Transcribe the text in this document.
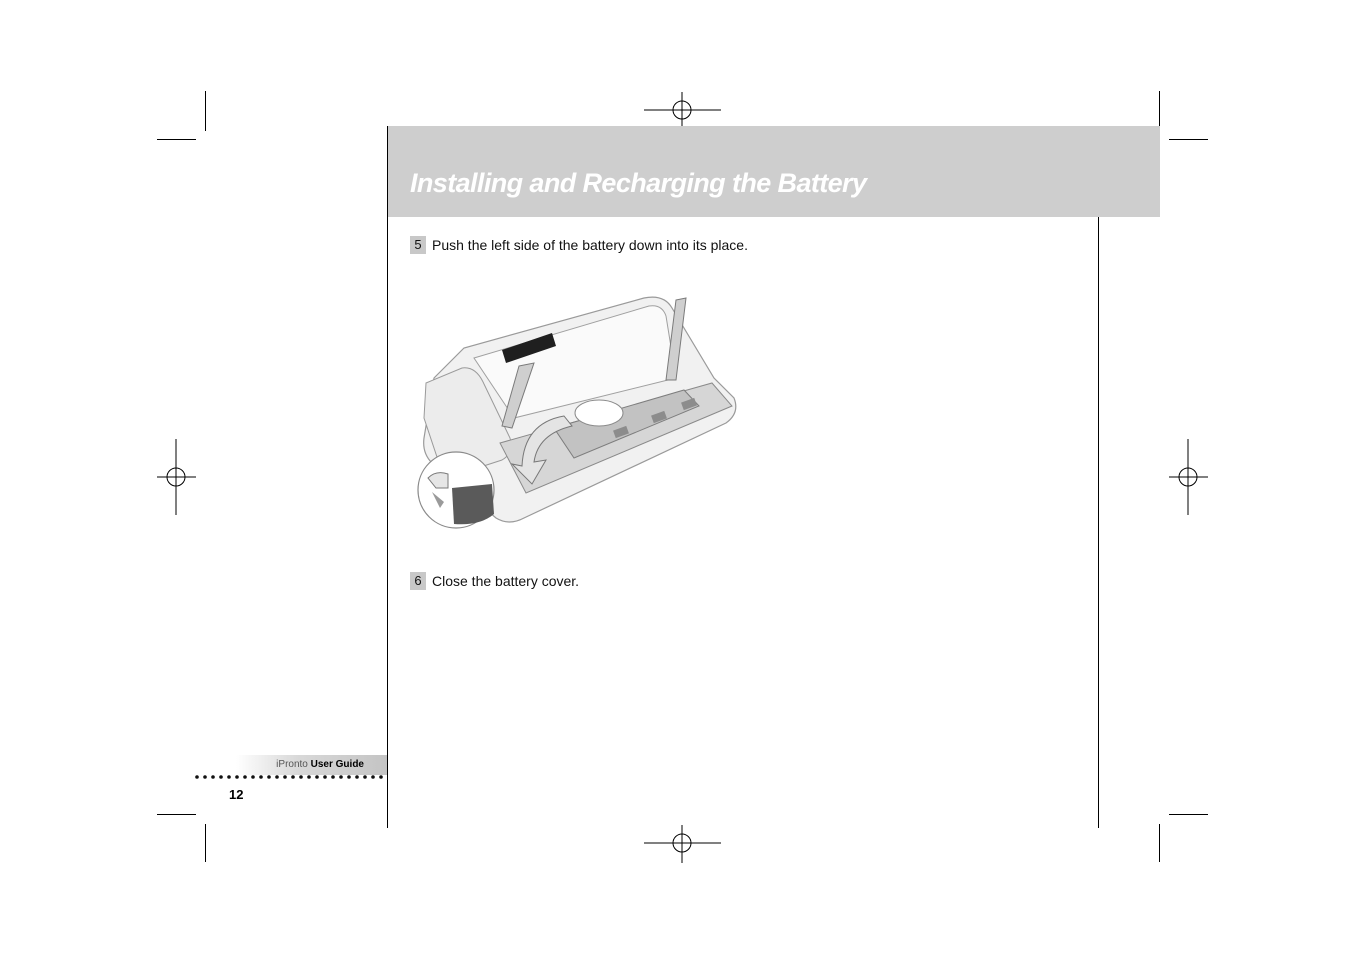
Installing and Recharging the Battery
5 Push the left side of the battery down into its place.
6 Close the battery cover.
iPronto User Guide
12
